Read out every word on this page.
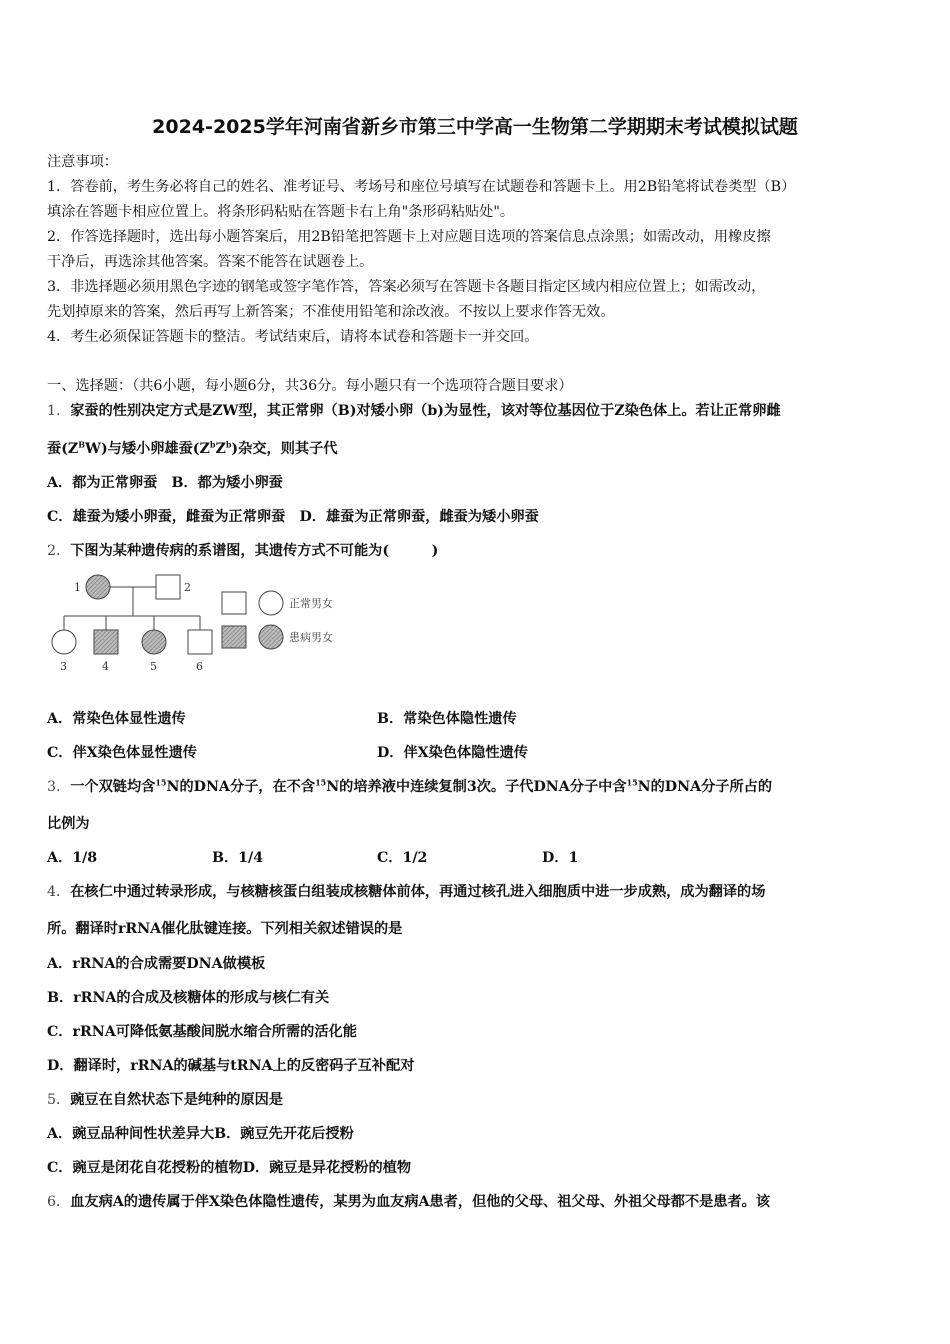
2024-2025学年河南省新乡市第三中学高一生物第二学期期末考试模拟试题
注意事项：
1．答卷前，考生务必将自己的姓名、准考证号、考场号和座位号填写在试题卷和答题卡上。用2B铅笔将试卷类型（B）
填涂在答题卡相应位置上。将条形码粘贴在答题卡右上角"条形码粘贴处"。
2．作答选择题时，选出每小题答案后，用2B铅笔把答题卡上对应题目选项的答案信息点涂黑；如需改动，用橡皮擦
干净后，再选涂其他答案。答案不能答在试题卷上。
3．非选择题必须用黑色字迹的钢笔或签字笔作答，答案必须写在答题卡各题目指定区域内相应位置上；如需改动，
先划掉原来的答案，然后再写上新答案；不准使用铅笔和涂改液。不按以上要求作答无效。
4．考生必须保证答题卡的整洁。考试结束后，请将本试卷和答题卡一并交回。
一、选择题：（共6小题，每小题6分，共36分。每小题只有一个选项符合题目要求）
1．家蚕的性别决定方式是ZW型，其正常卵（B)对矮小卵（b)为显性，该对等位基因位于Z染色体上。若让正常卵雌
蚕$(Z^BW)$与矮小卵雄蚕$(Z^bZ^b)$杂交，则其子代
A．都为正常卵蚕　B．都为矮小卵蚕
C．雄蚕为矮小卵蚕，雌蚕为正常卵蚕　D．雄蚕为正常卵蚕，雌蚕为矮小卵蚕
2．下图为某种遗传病的系谱图，其遗传方式不可能为(　　　)
1	2
3	4	5	6
正常男女
患病男女
A．常染色体显性遗传	B．常染色体隐性遗传
C．伴X染色体显性遗传	D．伴X染色体隐性遗传
3．一个双链均含$^{15}$N的DNA分子，在不含$^{15}$N的培养液中连续复制3次。子代DNA分子中含$^{15}$N的DNA分子所占的
比例为
A．1/8	B．1/4	C．1/2	D．1
4．在核仁中通过转录形成，与核糖核蛋白组装成核糖体前体，再通过核孔进入细胞质中进一步成熟，成为翻译的场
所。翻译时rRNA催化肽键连接。下列相关叙述错误的是
A．rRNA的合成需要DNA做模板
B．rRNA的合成及核糖体的形成与核仁有关
C．rRNA可降低氨基酸间脱水缩合所需的活化能
D．翻译时，rRNA的碱基与tRNA上的反密码子互补配对
5．豌豆在自然状态下是纯种的原因是
A．豌豆品种间性状差异大B．豌豆先开花后授粉
C．豌豆是闭花自花授粉的植物D．豌豆是异花授粉的植物
6．血友病A的遗传属于伴X染色体隐性遗传，某男为血友病A患者，但他的父母、祖父母、外祖父母都不是患者。该
